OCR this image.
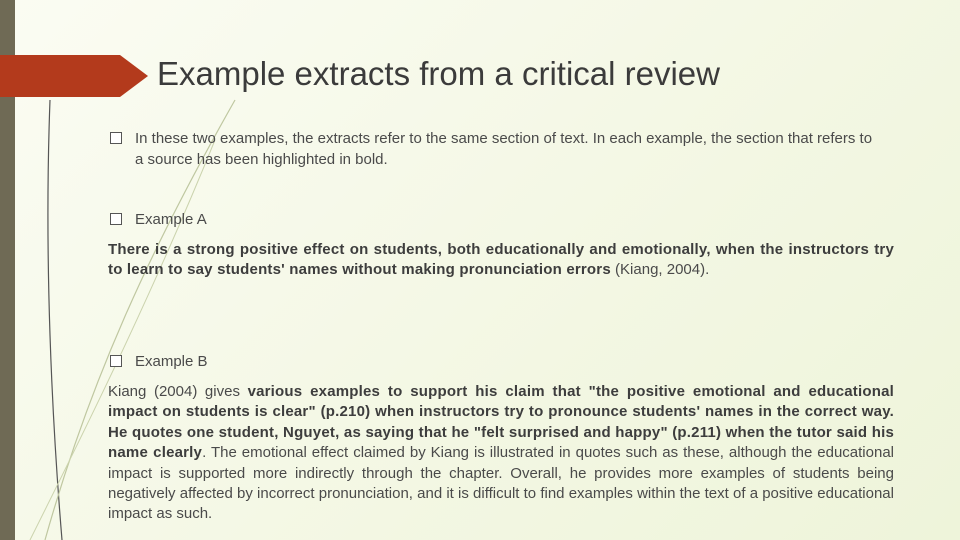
Example extracts from a critical review
In these two examples, the extracts refer to the same section of text. In each example, the section that refers to a source has been highlighted in bold.
Example A
There is a strong positive effect on students, both educationally and emotionally, when the instructors try to learn to say students' names without making pronunciation errors (Kiang, 2004).
Example B
Kiang (2004) gives various examples to support his claim that "the positive emotional and educational impact on students is clear" (p.210) when instructors try to pronounce students' names in the correct way. He quotes one student, Nguyet, as saying that he "felt surprised and happy" (p.211) when the tutor said his name clearly. The emotional effect claimed by Kiang is illustrated in quotes such as these, although the educational impact is supported more indirectly through the chapter. Overall, he provides more examples of students being negatively affected by incorrect pronunciation, and it is difficult to find examples within the text of a positive educational impact as such.
